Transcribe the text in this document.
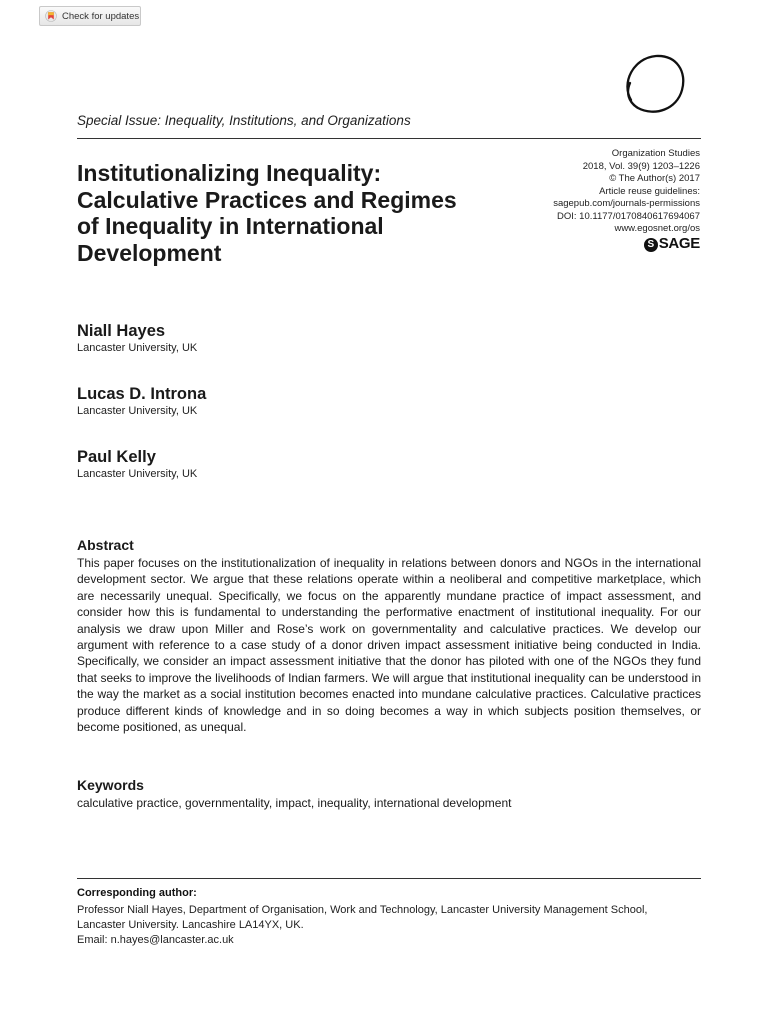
Check for updates
Special Issue: Inequality, Institutions, and Organizations
Institutionalizing Inequality: Calculative Practices and Regimes of Inequality in International Development
Organization Studies
2018, Vol. 39(9) 1203–1226
© The Author(s) 2017
Article reuse guidelines:
sagepub.com/journals-permissions
DOI: 10.1177/0170840617694067
www.egosnet.org/os
S SAGE
Niall Hayes
Lancaster University, UK
Lucas D. Introna
Lancaster University, UK
Paul Kelly
Lancaster University, UK
Abstract
This paper focuses on the institutionalization of inequality in relations between donors and NGOs in the international development sector. We argue that these relations operate within a neoliberal and competitive marketplace, which are necessarily unequal. Specifically, we focus on the apparently mundane practice of impact assessment, and consider how this is fundamental to understanding the performative enactment of institutional inequality. For our analysis we draw upon Miller and Rose’s work on governmentality and calculative practices. We develop our argument with reference to a case study of a donor driven impact assessment initiative being conducted in India. Specifically, we consider an impact assessment initiative that the donor has piloted with one of the NGOs they fund that seeks to improve the livelihoods of Indian farmers. We will argue that institutional inequality can be understood in the way the market as a social institution becomes enacted into mundane calculative practices. Calculative practices produce different kinds of knowledge and in so doing becomes a way in which subjects position themselves, or become positioned, as unequal.
Keywords
calculative practice, governmentality, impact, inequality, international development
Corresponding author:
Professor Niall Hayes, Department of Organisation, Work and Technology, Lancaster University Management School,
Lancaster University. Lancashire LA14YX, UK.
Email: n.hayes@lancaster.ac.uk
